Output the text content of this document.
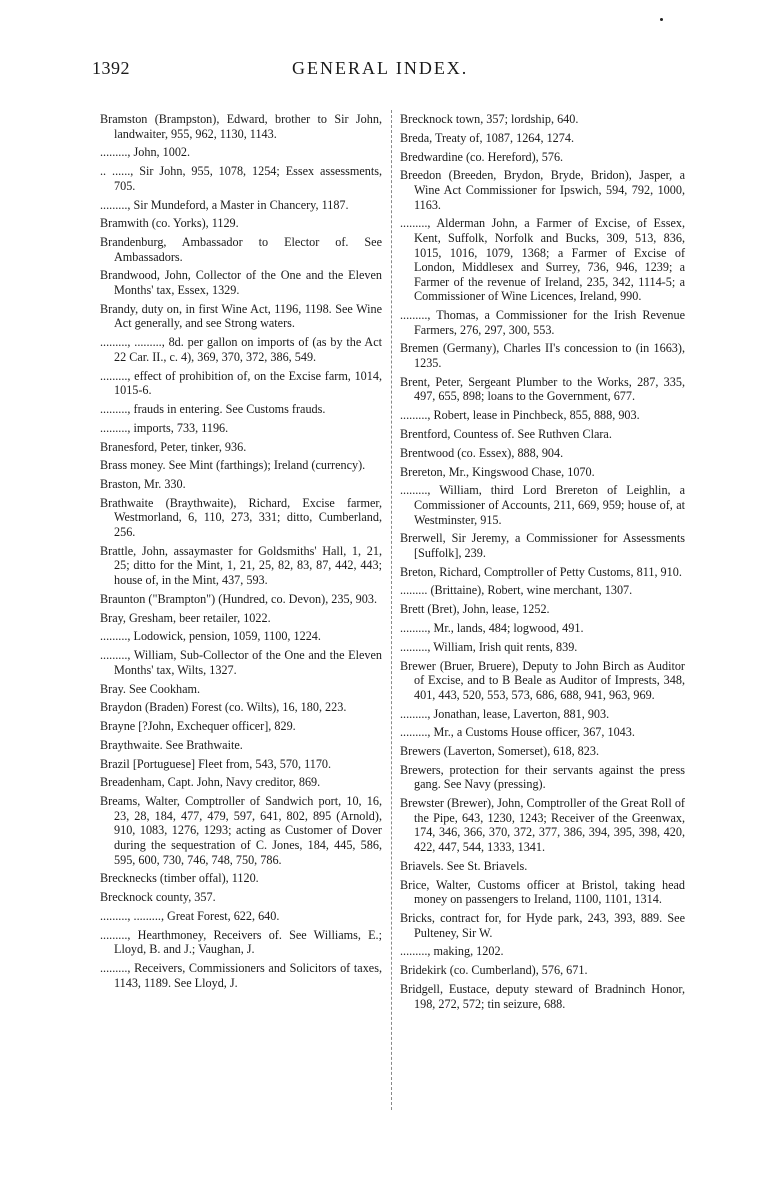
1392	GENERAL INDEX.

Bramston (Brampston), Edward, brother to Sir John, landwaiter, 955, 962, 1130, 1143.

........., John, 1002.

.. ......, Sir John, 955, 1078, 1254; Essex assessments, 705.

........., Sir Mundeford, a Master in Chancery, 1187.

Bramwith (co. Yorks), 1129.

Brandenburg, Ambassador to Elector of. See Ambassadors.

Brandwood, John, Collector of the One and the Eleven Months' tax, Essex, 1329.

Brandy, duty on, in first Wine Act, 1196, 1198. See Wine Act generally, and see Strong waters.

........., ........., 8d. per gallon on imports of (as by the Act 22 Car. II., c. 4), 369, 370, 372, 386, 549.

........., effect of prohibition of, on the Excise farm, 1014, 1015-6.

........., frauds in entering. See Customs frauds.

........., imports, 733, 1196.

Branesford, Peter, tinker, 936.

Brass money. See Mint (farthings); Ireland (currency).

Braston, Mr. 330.

Brathwaite (Braythwaite), Richard, Excise farmer, Westmorland, 6, 110, 273, 331; ditto, Cumberland, 256.

Brattle, John, assaymaster for Goldsmiths' Hall, 1, 21, 25; ditto for the Mint, 1, 21, 25, 82, 83, 87, 442, 443; house of, in the Mint, 437, 593.

Braunton ("Brampton") (Hundred, co. Devon), 235, 903.

Bray, Gresham, beer retailer, 1022.

........., Lodowick, pension, 1059, 1100, 1224.

........., William, Sub-Collector of the One and the Eleven Months' tax, Wilts, 1327.

Bray. See Cookham.

Braydon (Braden) Forest (co. Wilts), 16, 180, 223.

Brayne [?John, Exchequer officer], 829.

Braythwaite. See Brathwaite.

Brazil [Portuguese] Fleet from, 543, 570, 1170.

Breadenham, Capt. John, Navy creditor, 869.

Breams, Walter, Comptroller of Sandwich port, 10, 16, 23, 28, 184, 477, 479, 597, 641, 802, 895 (Arnold), 910, 1083, 1276, 1293; acting as Customer of Dover during the sequestration of C. Jones, 184, 445, 586, 595, 600, 730, 746, 748, 750, 786.

Brecknecks (timber offal), 1120.

Brecknock county, 357.

........., ........., Great Forest, 622, 640.

........., Hearthmoney, Receivers of. See Williams, E.; Lloyd, B. and J.; Vaughan, J.

........., Receivers, Commissioners and Solicitors of taxes, 1143, 1189. See Lloyd, J.

Brecknock town, 357; lordship, 640.

Breda, Treaty of, 1087, 1264, 1274.

Bredwardine (co. Hereford), 576.

Breedon (Breeden, Brydon, Bryde, Bridon), Jasper, a Wine Act Commissioner for Ipswich, 594, 792, 1000, 1163.

........., Alderman John, a Farmer of Excise, of Essex, Kent, Suffolk, Norfolk and Bucks, 309, 513, 836, 1015, 1016, 1079, 1368; a Farmer of Excise of London, Middlesex and Surrey, 736, 946, 1239; a Farmer of the revenue of Ireland, 235, 342, 1114-5; a Commissioner of Wine Licences, Ireland, 990.

........., Thomas, a Commissioner for the Irish Revenue Farmers, 276, 297, 300, 553.

Bremen (Germany), Charles II's concession to (in 1663), 1235.

Brent, Peter, Sergeant Plumber to the Works, 287, 335, 497, 655, 898; loans to the Government, 677.

........., Robert, lease in Pinchbeck, 855, 888, 903.

Brentford, Countess of. See Ruthven Clara.

Brentwood (co. Essex), 888, 904.

Brereton, Mr., Kingswood Chase, 1070.

........., William, third Lord Brereton of Leighlin, a Commissioner of Accounts, 211, 669, 959; house of, at Westminster, 915.

Brerwell, Sir Jeremy, a Commissioner for Assessments [Suffolk], 239.

Breton, Richard, Comptroller of Petty Customs, 811, 910.

......... (Brittaine), Robert, wine merchant, 1307.

Brett (Bret), John, lease, 1252.

........., Mr., lands, 484; logwood, 491.

........., William, Irish quit rents, 839.

Brewer (Bruer, Bruere), Deputy to John Birch as Auditor of Excise, and to B Beale as Auditor of Imprests, 348, 401, 443, 520, 553, 573, 686, 688, 941, 963, 969.

........., Jonathan, lease, Laverton, 881, 903.

........., Mr., a Customs House officer, 367, 1043.

Brewers (Laverton, Somerset), 618, 823.

Brewers, protection for their servants against the press gang. See Navy (pressing).

Brewster (Brewer), John, Comptroller of the Great Roll of the Pipe, 643, 1230, 1243; Receiver of the Greenwax, 174, 346, 366, 370, 372, 377, 386, 394, 395, 398, 420, 422, 447, 544, 1333, 1341.

Briavels. See St. Briavels.

Brice, Walter, Customs officer at Bristol, taking head money on passengers to Ireland, 1100, 1101, 1314.

Bricks, contract for, for Hyde park, 243, 393, 889. See Pulteney, Sir W.

........., making, 1202.

Bridekirk (co. Cumberland), 576, 671.

Bridgell, Eustace, deputy steward of Bradninch Honor, 198, 272, 572; tin seizure, 688.
